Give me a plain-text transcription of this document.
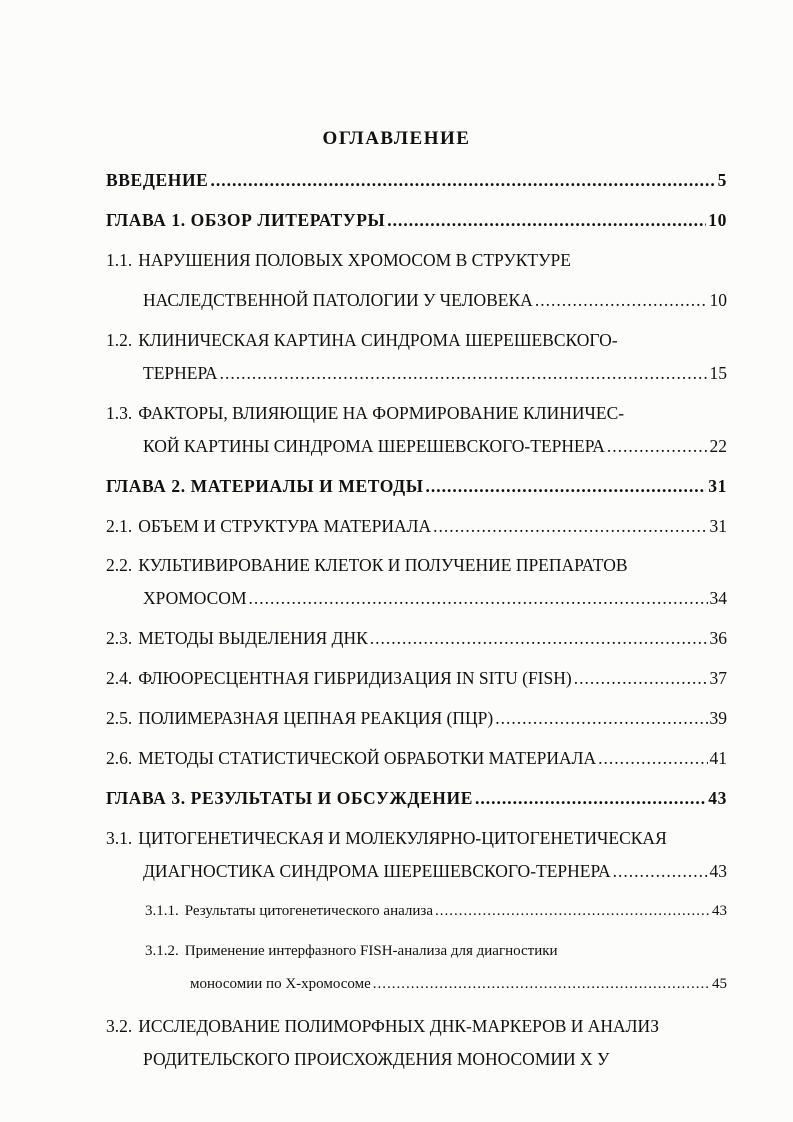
ОГЛАВЛЕНИЕ
ВВЕДЕНИЕ .....	5
ГЛАВА 1. ОБЗОР ЛИТЕРАТУРЫ .....	10
1.1. НАРУШЕНИЯ ПОЛОВЫХ ХРОМОСОМ В СТРУКТУРЕ
НАСЛЕДСТВЕННОЙ ПАТОЛОГИИ У ЧЕЛОВЕКА .....	10
1.2. КЛИНИЧЕСКАЯ КАРТИНА СИНДРОМА ШЕРЕШЕВСКОГО-
ТЕРНЕРА .....	15
1.3. ФАКТОРЫ, ВЛИЯЮЩИЕ НА ФОРМИРОВАНИЕ КЛИНИЧЕС-
КОЙ КАРТИНЫ СИНДРОМА ШЕРЕШЕВСКОГО-ТЕРНЕРА .....	22
ГЛАВА 2. МАТЕРИАЛЫ И МЕТОДЫ .....	31
2.1. ОБЪЕМ И СТРУКТУРА МАТЕРИАЛА .....	31
2.2. КУЛЬТИВИРОВАНИЕ КЛЕТОК И ПОЛУЧЕНИЕ ПРЕПАРАТОВ
ХРОМОСОМ .....	34
2.3. МЕТОДЫ ВЫДЕЛЕНИЯ ДНК .....	36
2.4. ФЛЮОРЕСЦЕНТНАЯ ГИБРИДИЗАЦИЯ IN SITU (FISH) .....	37
2.5. ПОЛИМЕРАЗНАЯ ЦЕПНАЯ РЕАКЦИЯ (ПЦР) .....	39
2.6. МЕТОДЫ СТАТИСТИЧЕСКОЙ ОБРАБОТКИ МАТЕРИАЛА .....	41
ГЛАВА 3. РЕЗУЛЬТАТЫ И ОБСУЖДЕНИЕ .....	43
3.1. ЦИТОГЕНЕТИЧЕСКАЯ И МОЛЕКУЛЯРНО-ЦИТОГЕНЕТИЧЕСКАЯ
ДИАГНОСТИКА СИНДРОМА ШЕРЕШЕВСКОГО-ТЕРНЕРА .....	43
3.1.1. Результаты цитогенетического анализа .....	43
3.1.2. Применение интерфазного FISH-анализа для диагностики
моносомии по Х-хромосоме .....	45
3.2. ИССЛЕДОВАНИЕ ПОЛИМОРФНЫХ ДНК-МАРКЕРОВ И АНАЛИЗ
РОДИТЕЛЬСКОГО ПРОИСХОЖДЕНИЯ МОНОСОМИИ Х У
